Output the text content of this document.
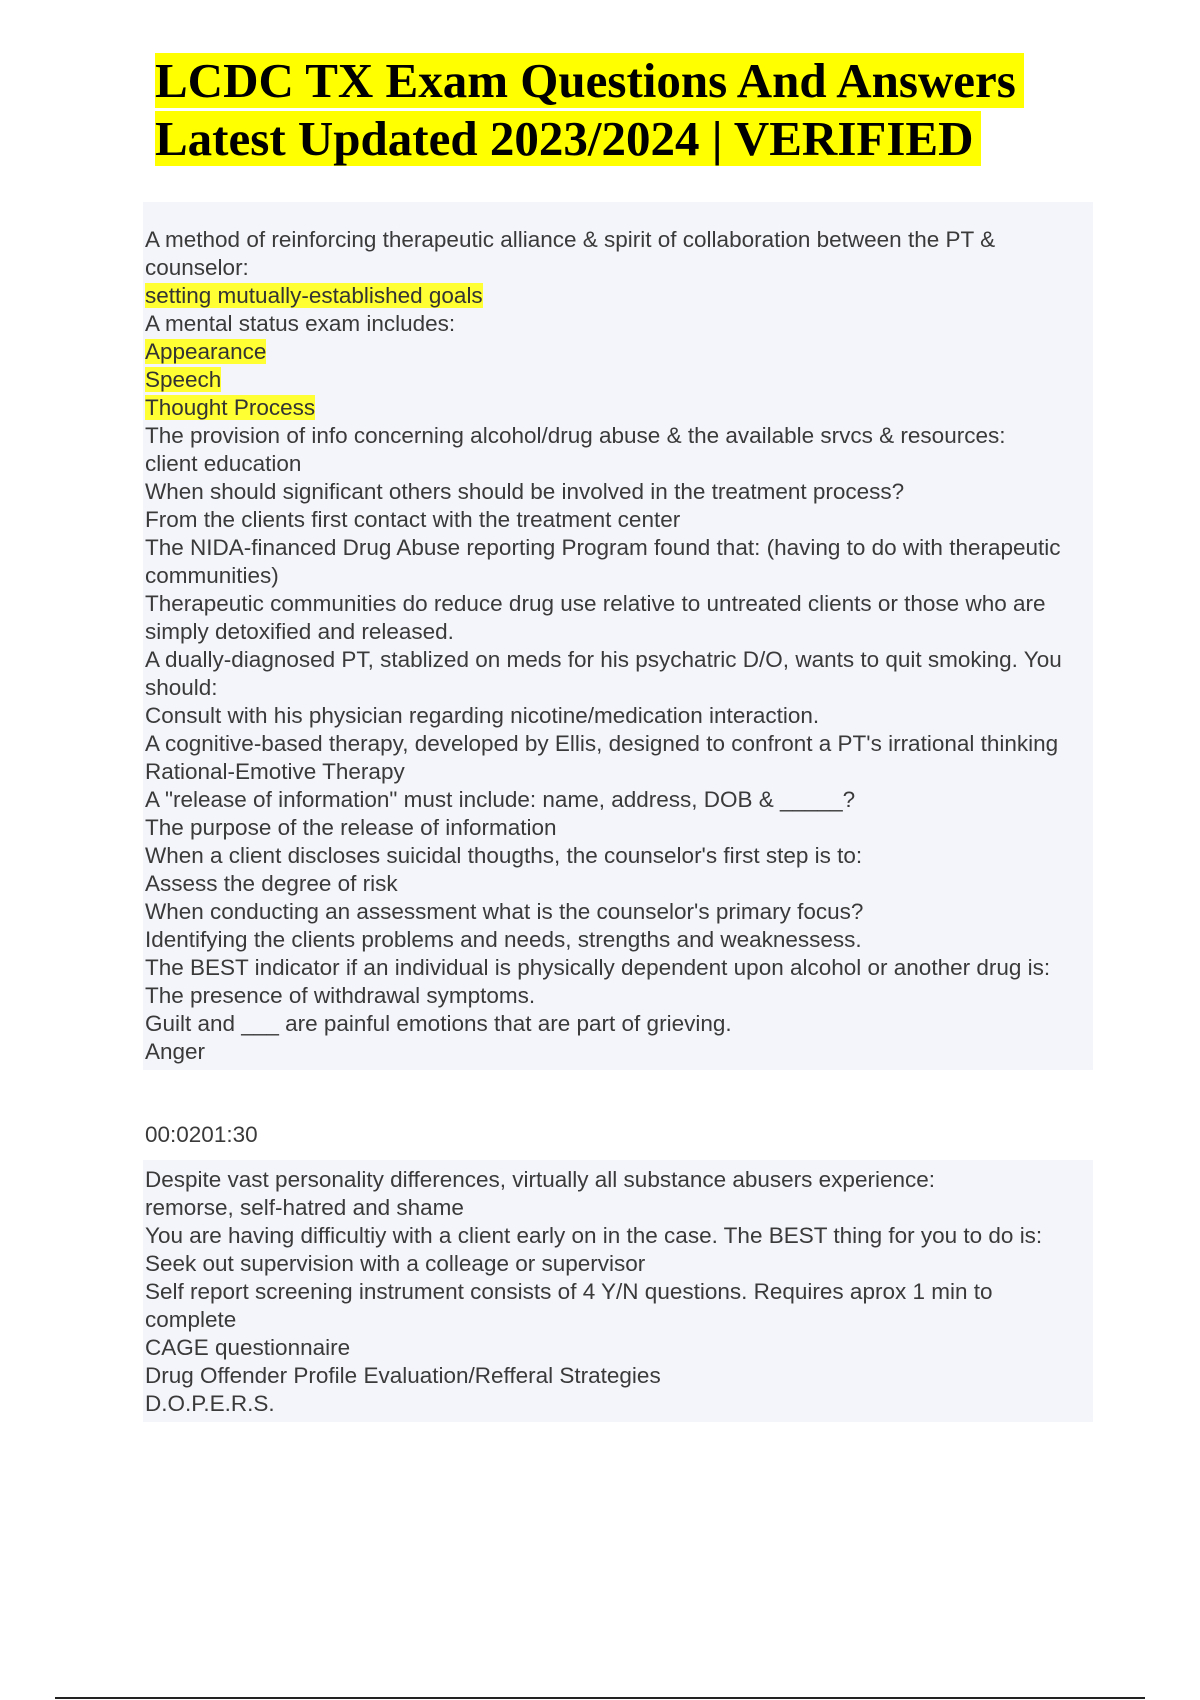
LCDC TX Exam Questions And Answers
Latest Updated 2023/2024 | VERIFIED
A method of reinforcing therapeutic alliance & spirit of collaboration between the PT & counselor:
setting mutually-established goals
A mental status exam includes:
Appearance
Speech
Thought Process
The provision of info concerning alcohol/drug abuse & the available srvcs & resources:
client education
When should significant others should be involved in the treatment process?
From the clients first contact with the treatment center
The NIDA-financed Drug Abuse reporting Program found that: (having to do with therapeutic communities)
Therapeutic communities do reduce drug use relative to untreated clients or those who are simply detoxified and released.
A dually-diagnosed PT, stablized on meds for his psychatric D/O, wants to quit smoking. You should:
Consult with his physician regarding nicotine/medication interaction.
A cognitive-based therapy, developed by Ellis, designed to confront a PT's irrational thinking
Rational-Emotive Therapy
A "release of information" must include: name, address, DOB & _____?
The purpose of the release of information
When a client discloses suicidal thougths, the counselor's first step is to:
Assess the degree of risk
When conducting an assessment what is the counselor's primary focus?
Identifying the clients problems and needs, strengths and weaknessess.
The BEST indicator if an individual is physically dependent upon alcohol or another drug is:
The presence of withdrawal symptoms.
Guilt and ___ are painful emotions that are part of grieving.
Anger
00:0201:30
Despite vast personality differences, virtually all substance abusers experience:
remorse, self-hatred and shame
You are having difficultiy with a client early on in the case. The BEST thing for you to do is:
Seek out supervision with a colleage or supervisor
Self report screening instrument consists of 4 Y/N questions. Requires aprox 1 min to complete
CAGE questionnaire
Drug Offender Profile Evaluation/Refferal Strategies
D.O.P.E.R.S.
